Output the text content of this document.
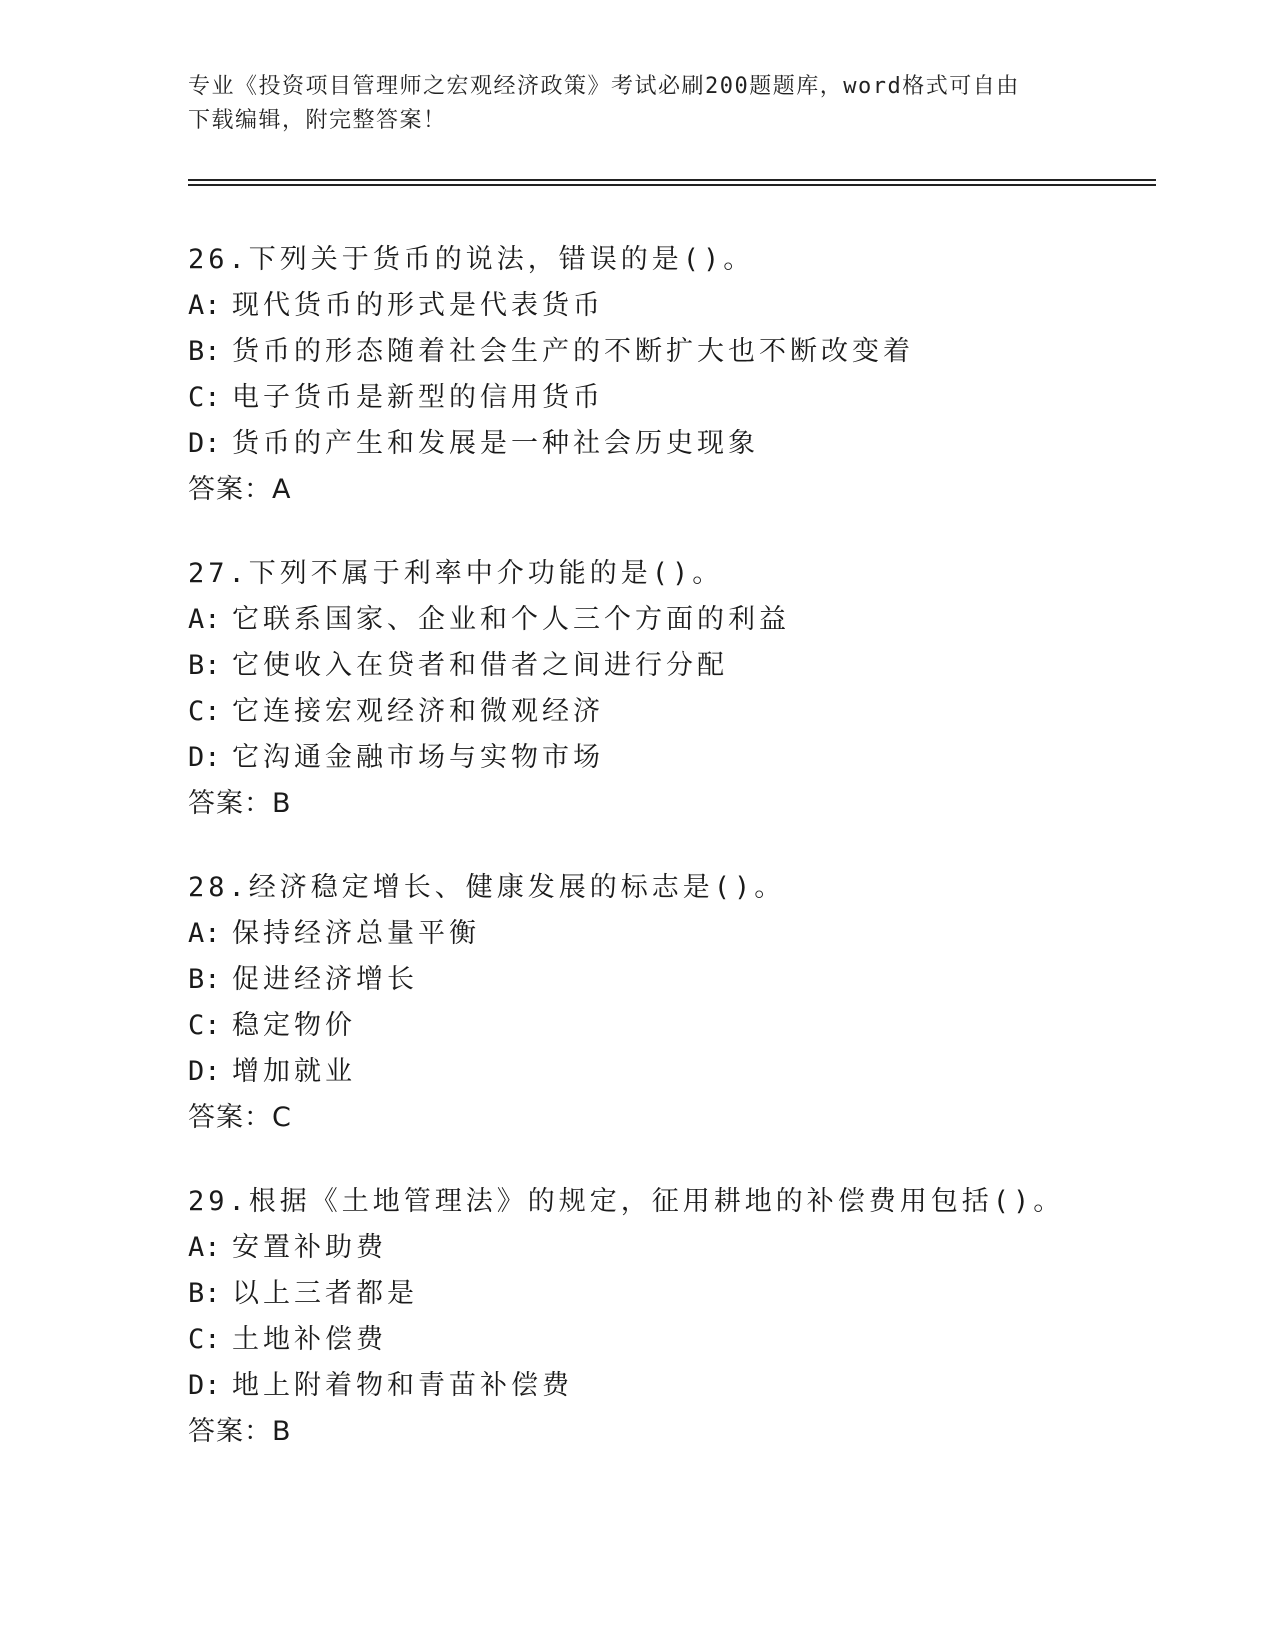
专业《投资项目管理师之宏观经济政策》考试必刷200题题库，word格式可自由
下载编辑，附完整答案！
26.下列关于货币的说法，错误的是()。
A: 现代货币的形式是代表货币
B: 货币的形态随着社会生产的不断扩大也不断改变着
C: 电子货币是新型的信用货币
D: 货币的产生和发展是一种社会历史现象
答案：A
27.下列不属于利率中介功能的是()。
A: 它联系国家、企业和个人三个方面的利益
B: 它使收入在贷者和借者之间进行分配
C: 它连接宏观经济和微观经济
D: 它沟通金融市场与实物市场
答案：B
28.经济稳定增长、健康发展的标志是()。
A: 保持经济总量平衡
B: 促进经济增长
C: 稳定物价
D: 增加就业
答案：C
29.根据《土地管理法》的规定，征用耕地的补偿费用包括()。
A: 安置补助费
B: 以上三者都是
C: 土地补偿费
D: 地上附着物和青苗补偿费
答案：B
